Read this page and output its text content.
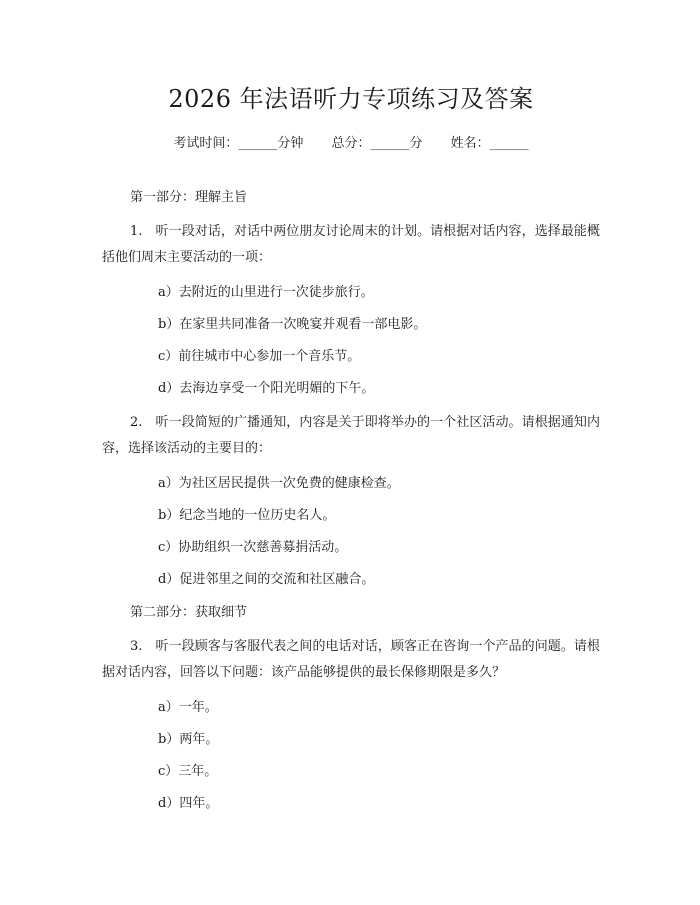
2026 年法语听力专项练习及答案
考试时间：______分钟 总分：______分 姓名：______
第一部分：理解主旨
1.　听一段对话，对话中两位朋友讨论周末的计划。请根据对话内容，选择最能概括他们周末主要活动的一项：
a）去附近的山里进行一次徒步旅行。
b）在家里共同准备一次晚宴并观看一部电影。
c）前往城市中心参加一个音乐节。
d）去海边享受一个阳光明媚的下午。
2.　听一段简短的广播通知，内容是关于即将举办的一个社区活动。请根据通知内容，选择该活动的主要目的：
a）为社区居民提供一次免费的健康检查。
b）纪念当地的一位历史名人。
c）协助组织一次慈善募捐活动。
d）促进邻里之间的交流和社区融合。
第二部分：获取细节
3.　听一段顾客与客服代表之间的电话对话，顾客正在咨询一个产品的问题。请根据对话内容，回答以下问题：该产品能够提供的最长保修期限是多久？
a）一年。
b）两年。
c）三年。
d）四年。
